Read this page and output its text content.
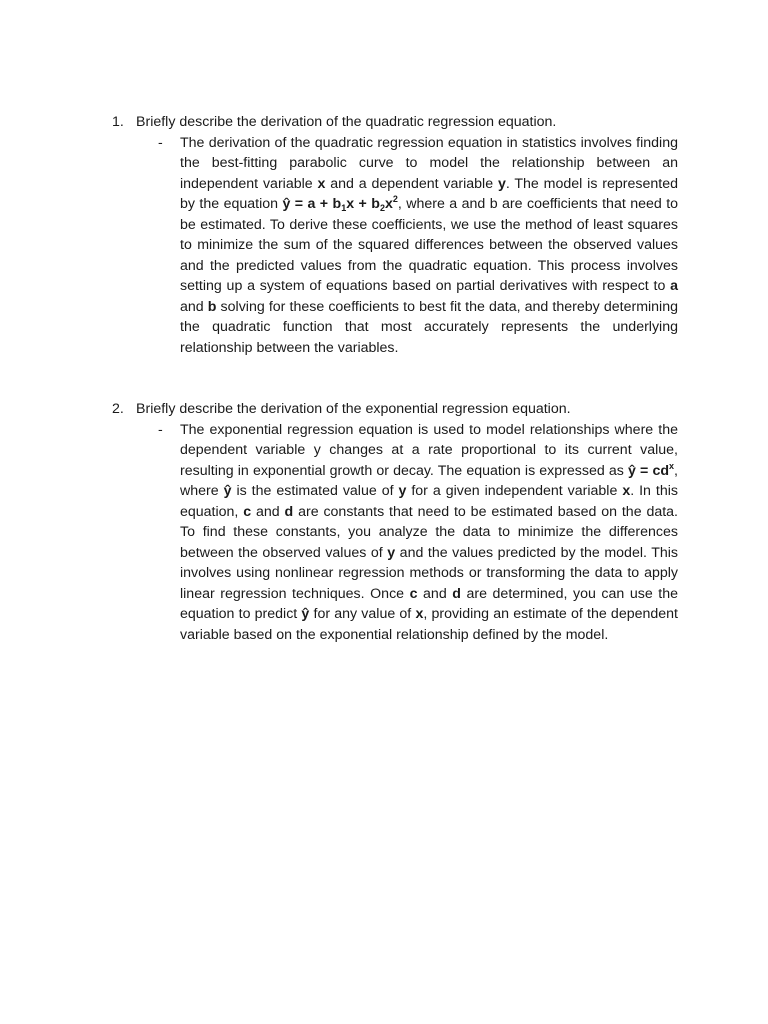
1. Briefly describe the derivation of the quadratic regression equation.
-	The derivation of the quadratic regression equation in statistics involves finding the best-fitting parabolic curve to model the relationship between an independent variable x and a dependent variable y. The model is represented by the equation ŷ = $a + b_1x + b_2x^2$, where a and b are coefficients that need to be estimated. To derive these coefficients, we use the method of least squares to minimize the sum of the squared differences between the observed values and the predicted values from the quadratic equation. This process involves setting up a system of equations based on partial derivatives with respect to a and b solving for these coefficients to best fit the data, and thereby determining the quadratic function that most accurately represents the underlying relationship between the variables.
2. Briefly describe the derivation of the exponential regression equation.
-	The exponential regression equation is used to model relationships where the dependent variable y changes at a rate proportional to its current value, resulting in exponential growth or decay. The equation is expressed as ŷ = $cd^x$, where ŷ is the estimated value of y for a given independent variable x. In this equation, c and d are constants that need to be estimated based on the data. To find these constants, you analyze the data to minimize the differences between the observed values of y and the values predicted by the model. This involves using nonlinear regression methods or transforming the data to apply linear regression techniques. Once c and d are determined, you can use the equation to predict ŷ for any value of x, providing an estimate of the dependent variable based on the exponential relationship defined by the model.
